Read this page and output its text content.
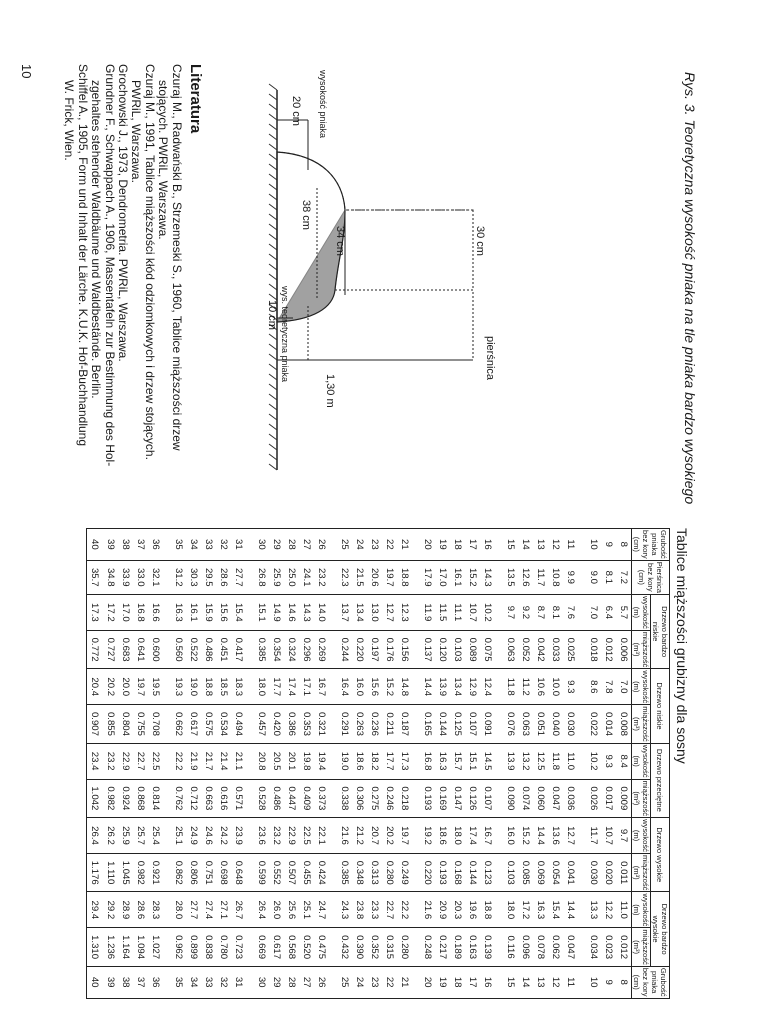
Rys. 3. Teoretyczna wysokość pniaka na tle pniaka bardzo wysokiego
pierśnica
30 cm
1,30 m
34 cm
38 cm
wysokość pniaka
20 cm
wys. teoretyczna pniaka
10 cm
Literatura

Czuraj M., Radwański B., Strzemeski S., 1960, Tablice miąższości drzew
stojących. PWRiL, Warszawa.

Czuraj M., 1991, Tablice miąższości kłód odziomkowych i drzew stojących.
PWRiL, Warszawa.

Grochowski J., 1973, Dendrometria. PWRiL, Warszawa.

Grundner F., Schwappach A., 1906, Massentafeln zur Bestimmung des Hol-
zgehaltes stehender Waldbäume und Waldbestände. Berlin.

Schiffel A., 1905, Form und Inhalt der Lärche. K.U.K. Hof-Buchhandlung
W. Frick, Wien.

10
Tablice miąższości grubizny dla sosny
Grubość pniaka bez kory (cm)	Pierśnica bez kory (cm)	Drzewo bardzo niskie		Drzewo niskie		Drzewo przeciętne		Drzewo wysokie		Drzewo bardzo wysokie		Grubość pniaka bez kory (cm)
		wysokość (m)	miąższość (m³)	wysokość (m)	miąższość (m³)	wysokość (m)	miąższość (m³)	wysokość (m)	miąższość (m³)	wysokość (m)	miąższość (m³)	
8	7.2	5.7	0.006	7.0	0.008	8.4	0.009	9.7	0.011	11.0	0.012	8
9	8.1	6.4	0.012	7.8	0.014	9.3	0.017	10.7	0.020	12.2	0.023	9
10	9.0	7.0	0.018	8.6	0.022	10.2	0.026	11.7	0.030	13.3	0.034	10

11	9.9	7.6	0.025	9.3	0.030	11.0	0.036	12.7	0.041	14.4	0.047	11
12	10.8	8.1	0.033	10.0	0.040	11.8	0.047	13.6	0.054	15.4	0.062	12
13	11.7	8.7	0.042	10.6	0.051	12.5	0.060	14.4	0.069	16.3	0.078	13
14	12.6	9.2	0.052	11.2	0.063	13.2	0.074	15.2	0.085	17.2	0.096	14
15	13.5	9.7	0.063	11.8	0.076	13.9	0.090	16.0	0.103	18.0	0.116	15

16	14.3	10.2	0.075	12.4	0.091	14.5	0.107	16.7	0.123	18.8	0.139	16
17	15.2	10.7	0.089	12.9	0.107	15.1	0.126	17.4	0.144	19.6	0.163	17
18	16.1	11.1	0.103	13.4	0.125	15.7	0.147	18.0	0.168	20.3	0.189	18
19	17.0	11.5	0.120	13.9	0.144	16.3	0.169	18.6	0.193	20.9	0.217	19
20	17.9	11.9	0.137	14.4	0.165	16.8	0.193	19.2	0.220	21.6	0.248	20

21	18.8	12.3	0.156	14.8	0.187	17.3	0.218	19.7	0.249	22.2	0.280	21
22	19.7	12.7	0.176	15.2	0.211	17.7	0.246	20.2	0.280	22.7	0.315	22
23	20.6	13.0	0.197	15.6	0.236	18.2	0.275	20.7	0.313	23.3	0.352	23
24	21.5	13.4	0.220	16.0	0.263	18.6	0.306	21.2	0.348	23.8	0.390	24
25	22.3	13.7	0.244	16.4	0.291	19.0	0.338	21.6	0.385	24.3	0.432	25

26	23.2	14.0	0.269	16.7	0.321	19.4	0.373	22.1	0.424	24.7	0.475	26
27	24.1	14.3	0.296	17.1	0.353	19.8	0.409	22.5	0.455	25.1	0.520	27
28	25.0	14.6	0.324	17.4	0.386	20.1	0.447	22.9	0.507	25.6	0.568	28
29	25.9	14.9	0.354	17.7	0.420	20.5	0.486	23.2	0.552	26.0	0.617	29
30	26.8	15.1	0.385	18.0	0.457	20.8	0.528	23.6	0.599	26.4	0.669	30

31	27.7	15.4	0.417	18.3	0.494	21.1	0.571	23.9	0.648	26.7	0.723	31
32	28.6	15.6	0.451	18.5	0.534	21.4	0.616	24.2	0.698	27.1	0.780	32
33	29.5	15.9	0.486	18.8	0.575	21.7	0.663	24.6	0.751	27.4	0.838	33
34	30.3	16.1	0.522	19.0	0.617	21.9	0.712	24.9	0.806	27.7	0.899	34
35	31.2	16.3	0.560	19.3	0.662	22.2	0.762	25.1	0.862	28.0	0.962	35

36	32.1	16.6	0.600	19.5	0.708	22.5	0.814	25.4	0.921	28.3	1.027	36
37	33.0	16.8	0.641	19.7	0.755	22.7	0.868	25.7	0.982	28.6	1.094	37
38	33.9	17.0	0.683	20.0	0.804	22.9	0.924	25.9	1.045	28.9	1.164	38
39	34.8	17.2	0.727	20.2	0.855	23.2	0.982	26.2	1.110	29.2	1.236	39
40	35.7	17.3	0.772	20.4	0.907	23.4	1.042	26.4	1.176	29.4	1.310	40
